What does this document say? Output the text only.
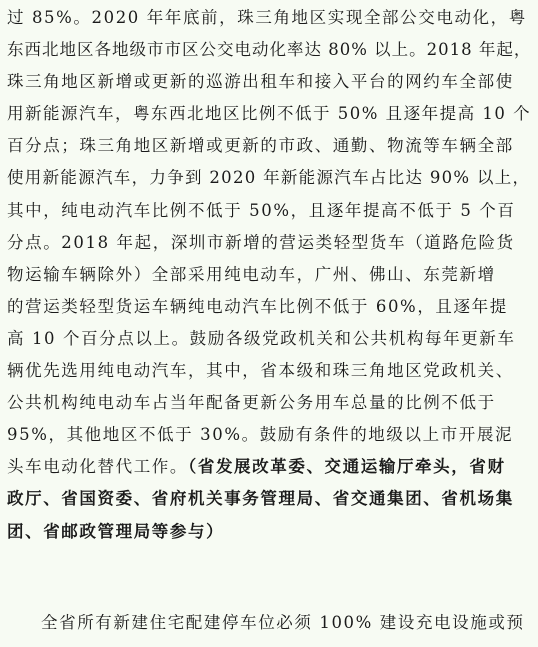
过 85%。2020 年年底前，珠三角地区实现全部公交电动化，粤
东西北地区各地级市市区公交电动化率达 80% 以上。2018 年起，
珠三角地区新增或更新的巡游出租车和接入平台的网约车全部使
用新能源汽车，粤东西北地区比例不低于 50% 且逐年提高 10 个
百分点；珠三角地区新增或更新的市政、通勤、物流等车辆全部
使用新能源汽车，力争到 2020 年新能源汽车占比达 90% 以上，
其中，纯电动汽车比例不低于 50%，且逐年提高不低于 5 个百
分点。2018 年起，深圳市新增的营运类轻型货车（道路危险货
物运输车辆除外）全部采用纯电动车，广州、佛山、东莞新增
的营运类轻型货运车辆纯电动汽车比例不低于 60%，且逐年提
高 10 个百分点以上。鼓励各级党政机关和公共机构每年更新车
辆优先选用纯电动汽车，其中，省本级和珠三角地区党政机关、
公共机构纯电动车占当年配备更新公务用车总量的比例不低于
95%，其他地区不低于 30%。鼓励有条件的地级以上市开展泥
头车电动化替代工作。（省发展改革委、交通运输厅牵头，省财
政厅、省国资委、省府机关事务管理局、省交通集团、省机场集
团、省邮政管理局等参与）
全省所有新建住宅配建停车位必须 100% 建设充电设施或预
